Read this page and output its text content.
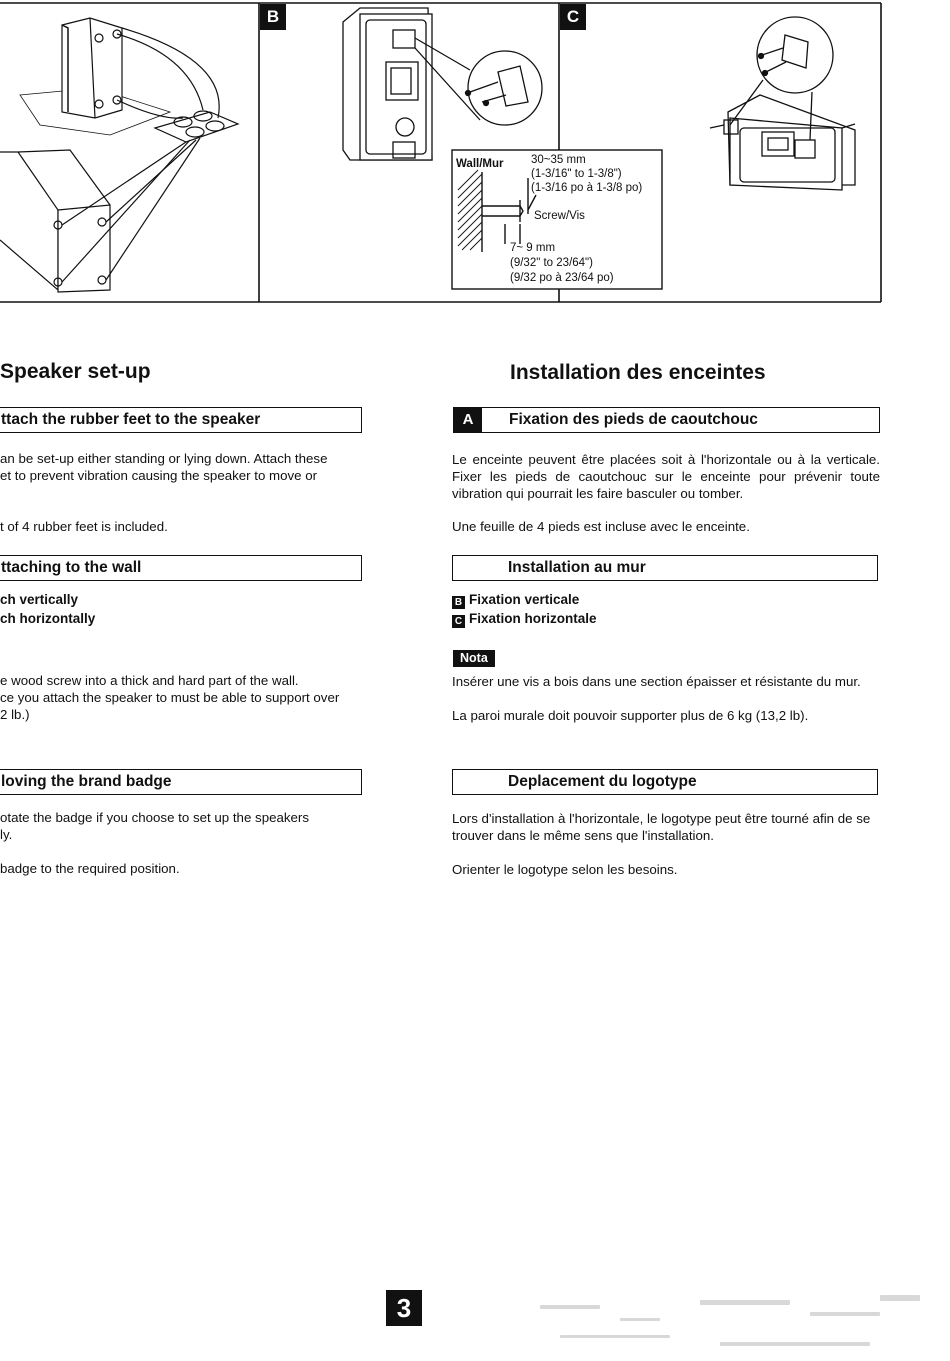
B	C
Wall/Mur 30~35 mm
(1-3/16" to 1-3/8")
(1-3/16 po à 1-3/8 po)
Screw/Vis
7~ 9 mm
(9/32" to 23/64")
(9/32 po à 23/64 po)
Speaker set-up
ttach the rubber feet to the speaker
an be set-up either standing or lying down. Attach these
et to prevent vibration causing the speaker to move or
t of 4 rubber feet is included.
ttaching to the wall
ch vertically
ch horizontally
e wood screw into a thick and hard part of the wall.
ce you attach the speaker to must be able to support over
2 lb.)
loving the brand badge
otate the badge if you choose to set up the speakers
ly.
badge to the required position.
Installation des enceintes
A	Fixation des pieds de caoutchouc
Le enceinte peuvent être placées soit à l'horizontale ou à la verticale. Fixer les pieds de caoutchouc sur le enceinte pour prévenir toute vibration qui pourrait les faire basculer ou tomber.
Une feuille de 4 pieds est incluse avec le enceinte.
Installation au mur
B Fixation verticale
C Fixation horizontale
Nota
Insérer une vis a bois dans une section épaisser et résistante du mur.
La paroi murale doit pouvoir supporter plus de 6 kg (13,2 lb).
Deplacement du logotype
Lors d'installation à l'horizontale, le logotype peut être tourné afin de se trouver dans le même sens que l'installation.
Orienter le logotype selon les besoins.
3
